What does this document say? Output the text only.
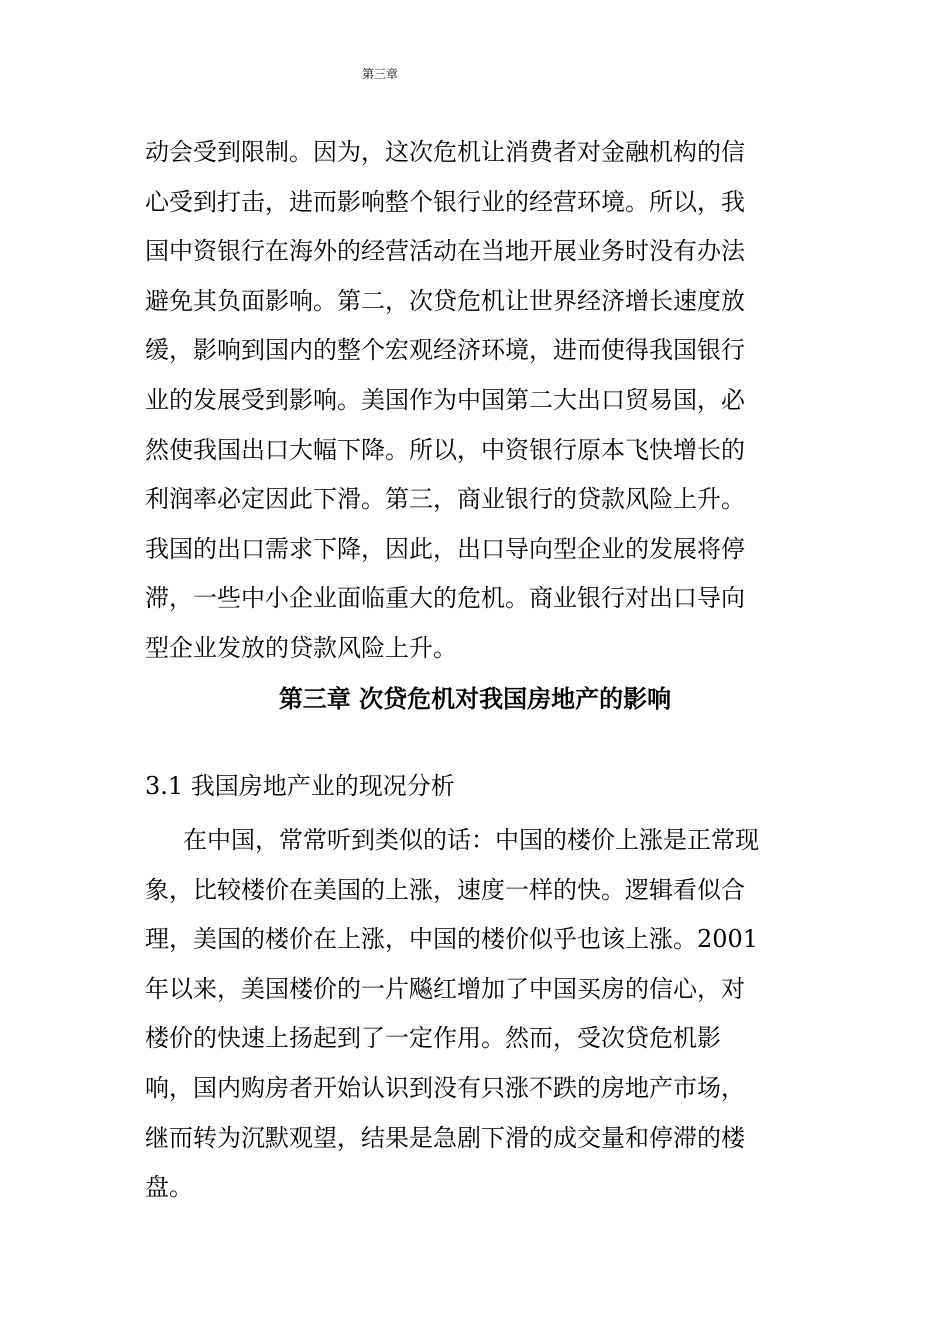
第三章
动会受到限制。因为，这次危机让消费者对金融机构的信
心受到打击，进而影响整个银行业的经营环境。所以，我
国中资银行在海外的经营活动在当地开展业务时没有办法
避免其负面影响。第二，次贷危机让世界经济增长速度放
缓，影响到国内的整个宏观经济环境，进而使得我国银行
业的发展受到影响。美国作为中国第二大出口贸易国，必
然使我国出口大幅下降。所以，中资银行原本飞快增长的
利润率必定因此下滑。第三，商业银行的贷款风险上升。
我国的出口需求下降，因此，出口导向型企业的发展将停
滞，一些中小企业面临重大的危机。商业银行对出口导向
型企业发放的贷款风险上升。
第三章 次贷危机对我国房地产的影响
3.1 我国房地产业的现况分析
在中国，常常听到类似的话：中国的楼价上涨是正常现
象，比较楼价在美国的上涨，速度一样的快。逻辑看似合
理，美国的楼价在上涨，中国的楼价似乎也该上涨。2001
年以来，美国楼价的一片飚红增加了中国买房的信心，对
楼价的快速上扬起到了一定作用。然而，受次贷危机影
响，国内购房者开始认识到没有只涨不跌的房地产市场，
继而转为沉默观望，结果是急剧下滑的成交量和停滞的楼
盘。
